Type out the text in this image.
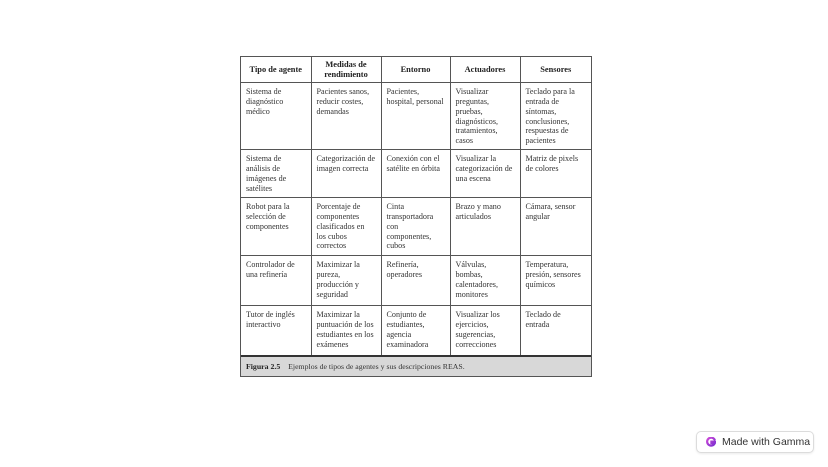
Tipo de agente	Medidas de rendimiento	Entorno	Actuadores	Sensores
Sistema de diagnóstico médico	Pacientes sanos, reducir costes, demandas	Pacientes, hospital, personal	Visualizar preguntas, pruebas, diagnósticos, tratamientos, casos	Teclado para la entrada de síntomas, conclusiones, respuestas de pacientes
Sistema de análisis de imágenes de satélites	Categorización de imagen correcta	Conexión con el satélite en órbita	Visualizar la categorización de una escena	Matriz de pixels de colores
Robot para la selección de componentes	Porcentaje de componentes clasificados en los cubos correctos	Cinta transportadora con componentes, cubos	Brazo y mano articulados	Cámara, sensor angular
Controlador de una refinería	Maximizar la pureza, producción y seguridad	Refinería, operadores	Válvulas, bombas, calentadores, monitores	Temperatura, presión, sensores químicos
Tutor de inglés interactivo	Maximizar la puntuación de los estudiantes en los exámenes	Conjunto de estudiantes, agencia examinadora	Visualizar los ejercicios, sugerencias, correcciones	Teclado de entrada
Figura 2.5 Ejemplos de tipos de agentes y sus descripciones REAS.
Made with Gamma
